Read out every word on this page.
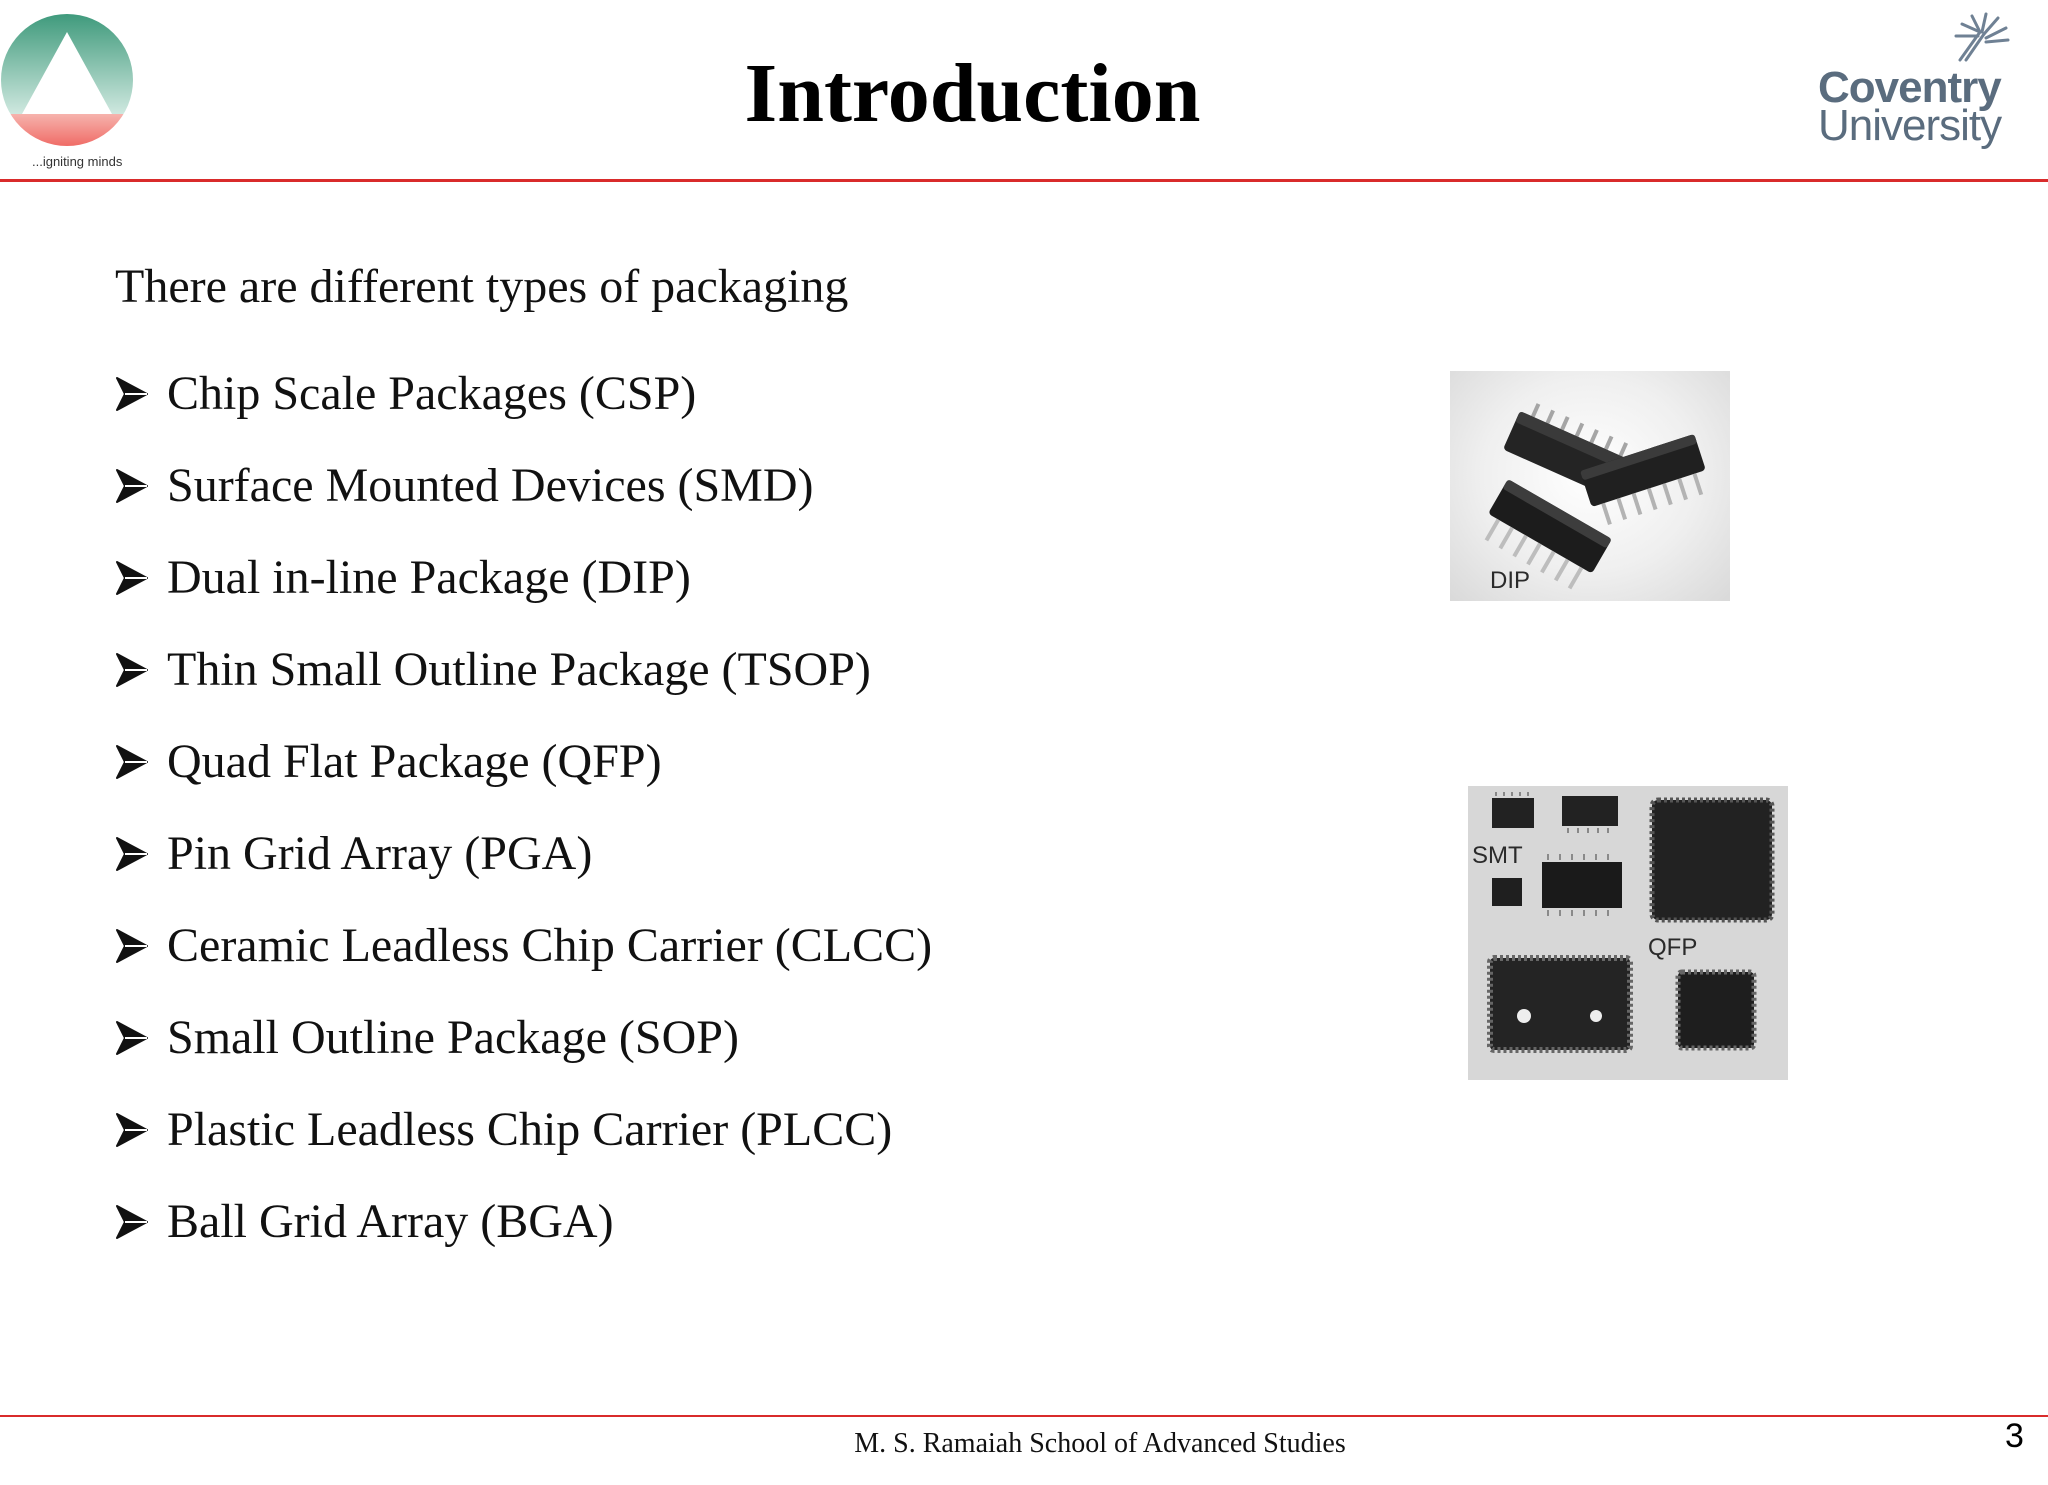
...igniting minds
Introduction	Coventry
University
There are different types of packaging
Chip Scale Packages (CSP)
Surface Mounted Devices (SMD)
Dual in-line Package (DIP)
Thin Small Outline Package (TSOP)
Quad Flat Package (QFP)
Pin Grid Array (PGA)
Ceramic Leadless Chip Carrier (CLCC)
Small Outline Package (SOP)
Plastic Leadless Chip Carrier (PLCC)
Ball Grid Array (BGA)
DIP
SMT
QFP
M. S. Ramaiah School of Advanced Studies	3
